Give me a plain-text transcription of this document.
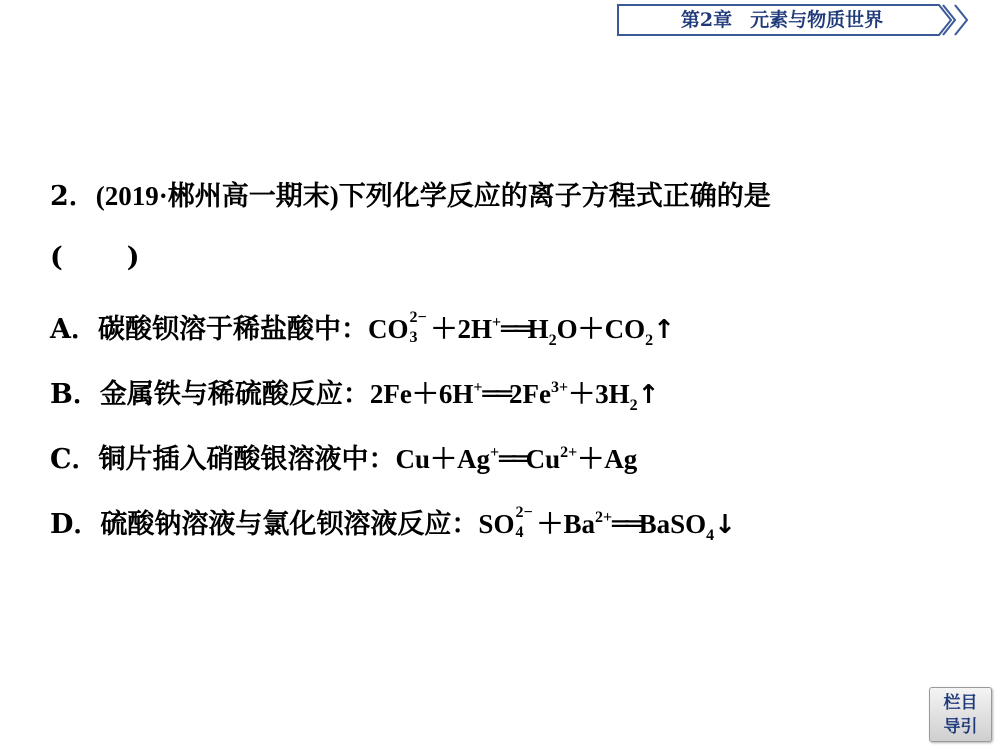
第2章 元素与物质世界
2．(2019·郴州高一期末)下列化学反应的离子方程式正确的是
( )
A．碳酸钡溶于稀盐酸中：CO 2−
$3 +2H^+══H_2O+CO_2↑$
B．金属铁与稀硫酸反应：$2Fe+6H^+══2Fe^{3+}+3H_2↑$
C．铜片插入硝酸银溶液中：$Cu+Ag^+══Cu^{2+}+Ag$
D．硫酸钠溶液与氯化钡溶液反应：SO 2−
$4 +Ba^{2+}══BaSO_4↓$
栏目
导引
